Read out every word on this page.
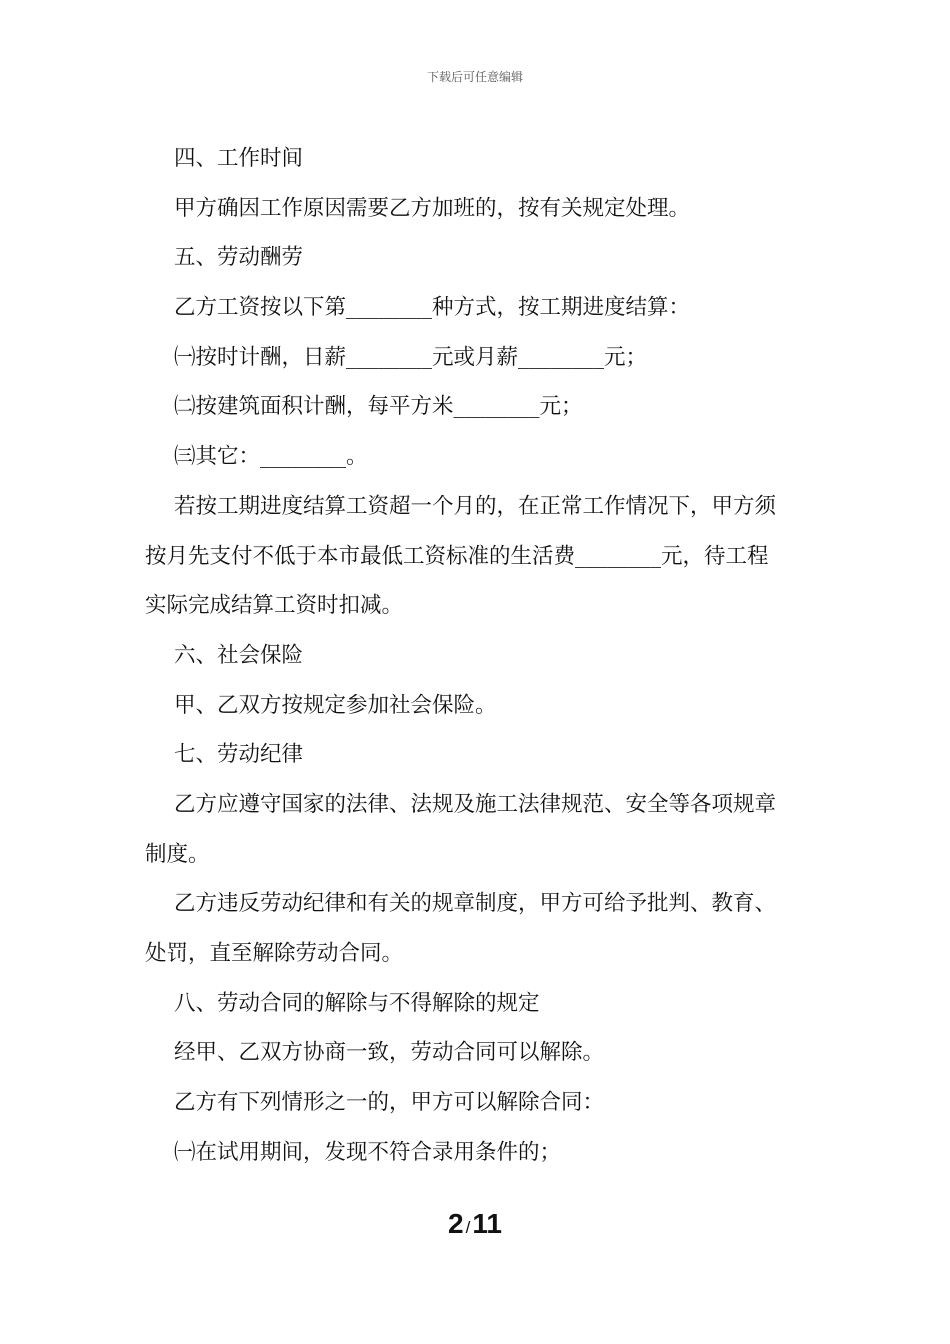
下载后可任意编辑
四、工作时间
甲方确因工作原因需要乙方加班的，按有关规定处理。
五、劳动酬劳
乙方工资按以下第________种方式，按工期进度结算：
㈠按时计酬，日薪________元或月薪________元；
㈡按建筑面积计酬，每平方米________元；
㈢其它：________。
若按工期进度结算工资超一个月的，在正常工作情况下，甲方须
按月先支付不低于本市最低工资标准的生活费________元，待工程
实际完成结算工资时扣减。
六、社会保险
甲、乙双方按规定参加社会保险。
七、劳动纪律
乙方应遵守国家的法律、法规及施工法律规范、安全等各项规章
制度。
乙方违反劳动纪律和有关的规章制度，甲方可给予批判、教育、
处罚，直至解除劳动合同。
八、劳动合同的解除与不得解除的规定
经甲、乙双方协商一致，劳动合同可以解除。
乙方有下列情形之一的，甲方可以解除合同：
㈠在试用期间，发现不符合录用条件的；
2 /11
